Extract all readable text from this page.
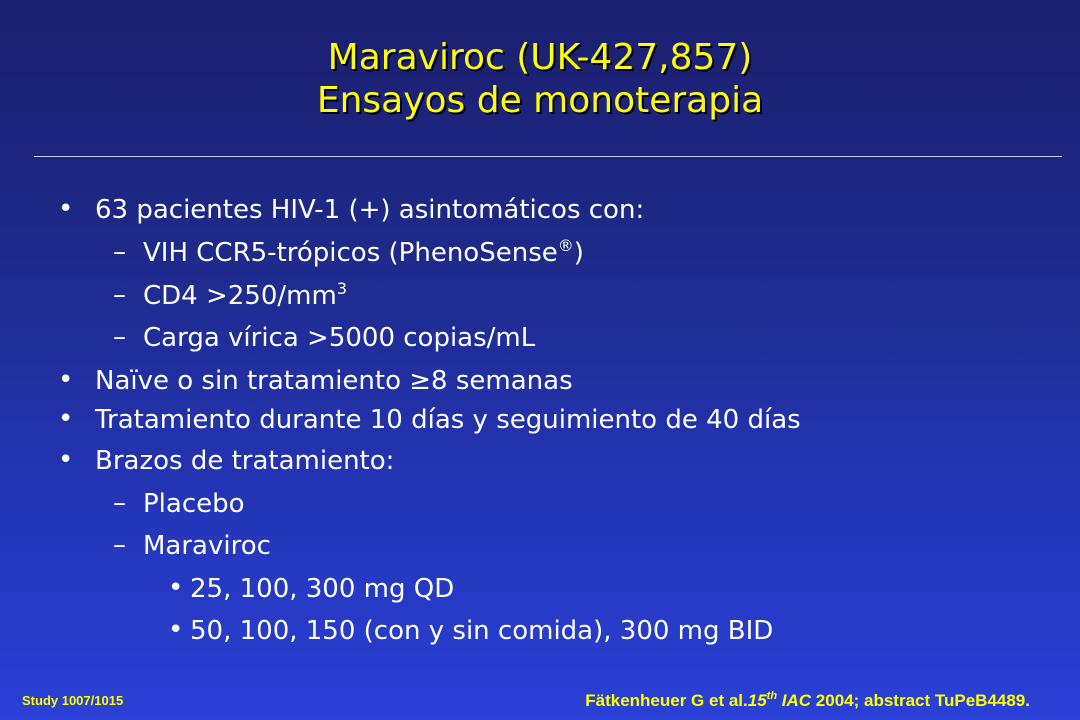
Maraviroc (UK-427,857)
Ensayos de monoterapia
• 63 pacientes HIV-1 (+) asintomáticos con:
– VIH CCR5-trópicos (PhenoSense®)
– $CD4 >250/mm^3$
– Carga vírica >5000 copias/mL
• Naïve o sin tratamiento ≥8 semanas
• Tratamiento durante 10 días y seguimiento de 40 días
• Brazos de tratamiento:
– Placebo
– Maraviroc
• 25, 100, 300 mg QD
• 50, 100, 150 (con y sin comida), 300 mg BID
Study 1007/1015	Fätkenheuer G et al.15th IAC 2004; abstract TuPeB4489.
